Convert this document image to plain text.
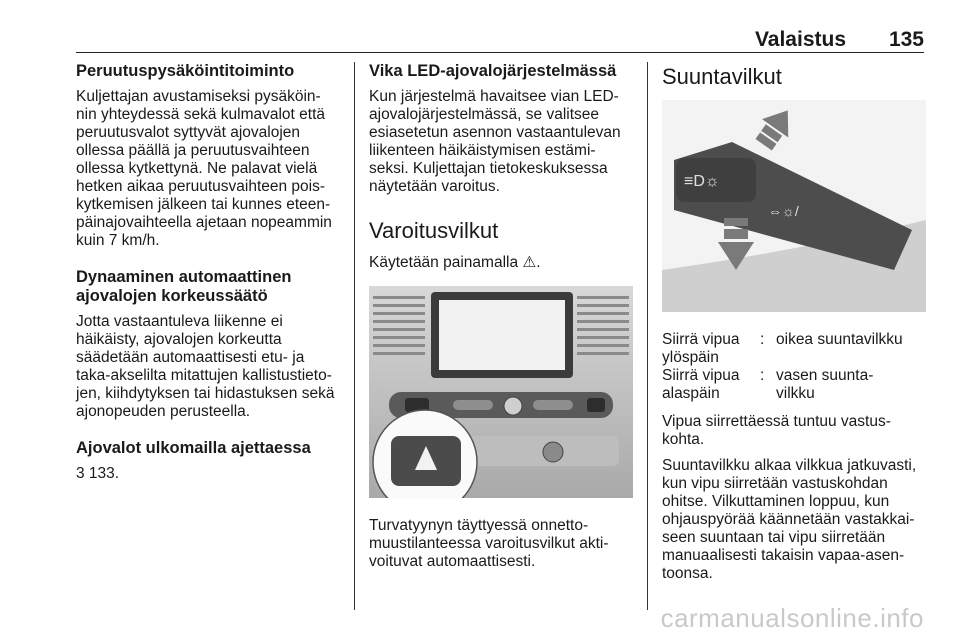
Valaistus 135
Peruutuspysäköintitoiminto

Kuljettajan avustamiseksi pysäköin-
nin yhteydessä sekä kulmavalot että
peruutusvalot syttyvät ajovalojen
ollessa päällä ja peruutusvaihteen
ollessa kytkettynä. Ne palavat vielä
hetken aikaa peruutusvaihteen pois-
kytkemisen jälkeen tai kunnes eteen-
päinajovaihteella ajetaan nopeammin
kuin 7 km/h.

Dynaaminen automaattinen
ajovalojen korkeussäätö

Jotta vastaantuleva liikenne ei
häikäisty, ajovalojen korkeutta
säädetään automaattisesti etu- ja
taka-akselilta mitattujen kallistustieto-
jen, kiihdytyksen tai hidastuksen sekä
ajonopeuden perusteella.

Ajovalot ulkomailla ajettaessa

3 133.

Vika LED-ajovalojärjestelmässä

Kun järjestelmä havaitsee vian LED-
ajovalojärjestelmässä, se valitsee
esiasetetun asennon vastaantulevan
liikenteen häikäistymisen estämi-
seksi. Kuljettajan tietokeskuksessa
näytetään varoitus.

Varoitusvilkut

Käytetään painamalla ⚠.

Turvatyynyn täyttyessä onnetto-
muustilanteessa varoitusvilkut akti-
voituvat automaattisesti.

Suuntavilkut
≡D☼
⇔☼/
Siirrä vipua
ylöspäin
: oikea suuntavilkku
Siirrä vipua
alaspäin
: vasen suunta-
vilkku

Vipua siirrettäessä tuntuu vastus-
kohta.

Suuntavilkku alkaa vilkkua jatkuvasti,
kun vipu siirretään vastuskohdan
ohitse. Vilkuttaminen loppuu, kun
ohjauspyörää käännetään vastakkai-
seen suuntaan tai vipu siirretään
manuaalisesti takaisin vapaa-asen-
toonsa.

carmanualsonline.info
